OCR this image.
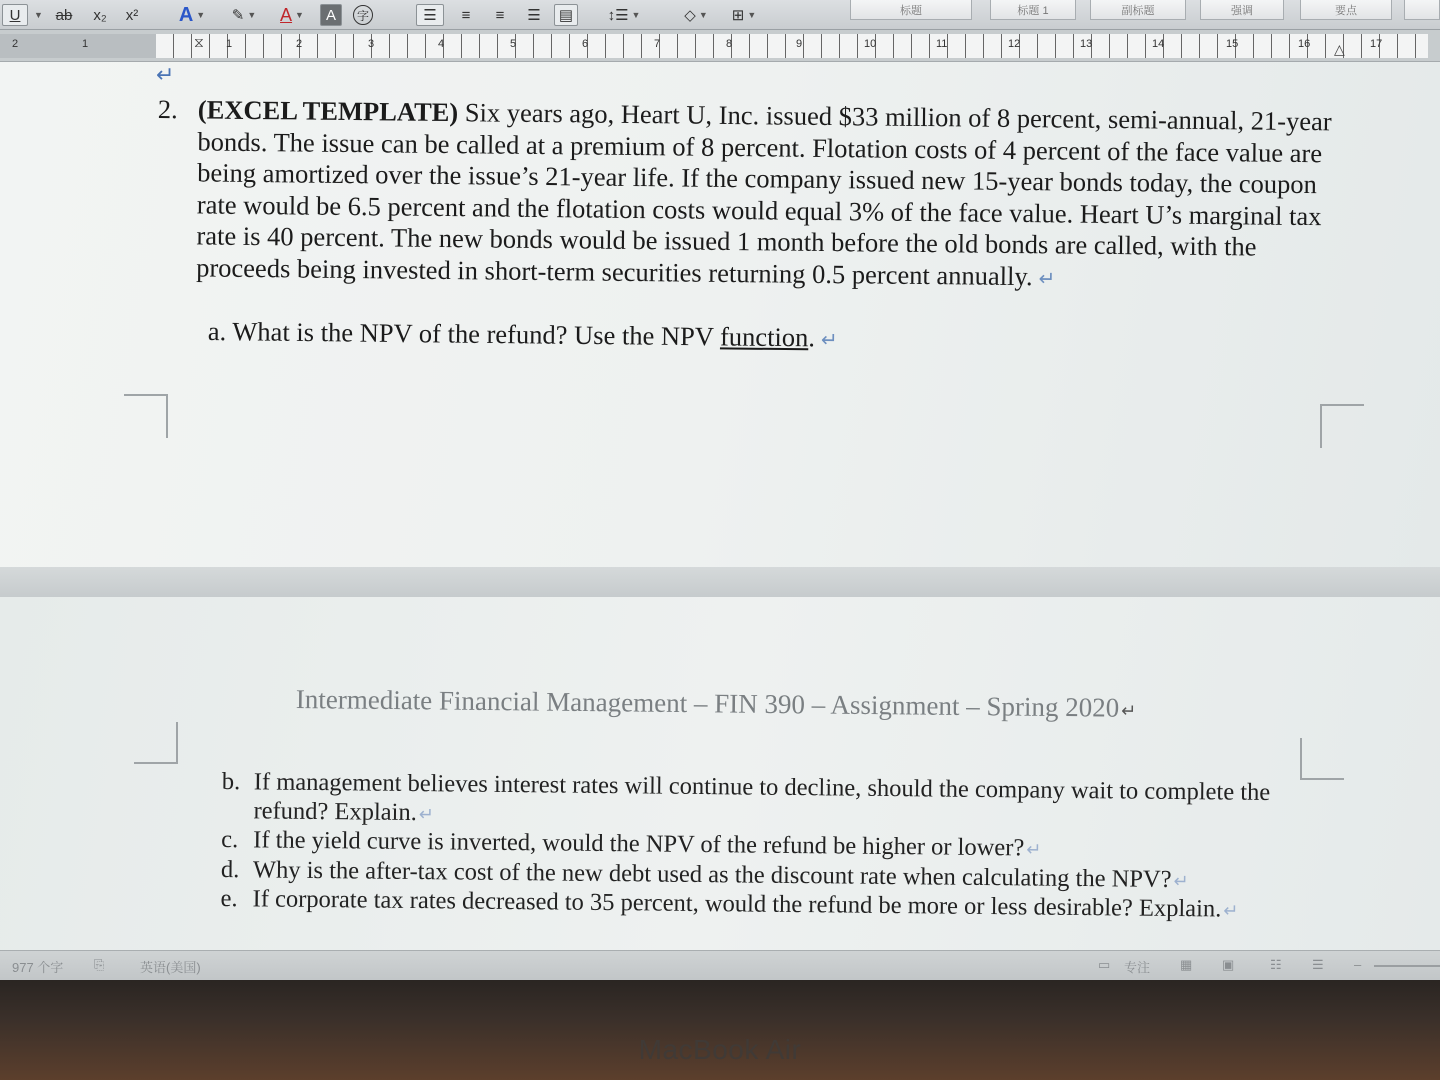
U ▼ ab x₂ x² A ▼ ✎ ▼ A ▼ A	字	☰ ≡ ≡ ☰ ▤ ↕☰ ▼	◇ ▼ ⊞ ▼	标题	标题 1	副标题	强调	要点
2	1	1	2	3	4	5	6	7	8	9	10	11	12	13	14	15	16	17
⧖	△
↵
2. (EXCEL TEMPLATE) Six years ago, Heart U, Inc. issued $33 million of 8 percent, semi-annual, 21-year bonds. The issue can be called at a premium of 8 percent. Flotation costs of 4 percent of the face value are being amortized over the issue’s 21-year life. If the company issued new 15-year bonds today, the coupon rate would be 6.5 percent and the flotation costs would equal 3% of the face value. Heart U’s marginal tax rate is 40 percent. The new bonds would be issued 1 month before the old bonds are called, with the proceeds being invested in short-term securities returning 0.5 percent annually. ↵
a. What is the NPV of the refund? Use the NPV function. ↵
Intermediate Financial Management – FIN 390 – Assignment – Spring 2020↵
b. If management believes interest rates will continue to decline, should the company wait to complete the refund? Explain.↵
c. If the yield curve is inverted, would the NPV of the refund be higher or lower?↵
d. Why is the after-tax cost of the new debt used as the discount rate when calculating the NPV?↵
e. If corporate tax rates decreased to 35 percent, would the refund be more or less desirable? Explain.↵
977 个字 ⎘	英语(美国)	▭ 专注 ▦ ▣	☷ ☰ –
MacBook Air
